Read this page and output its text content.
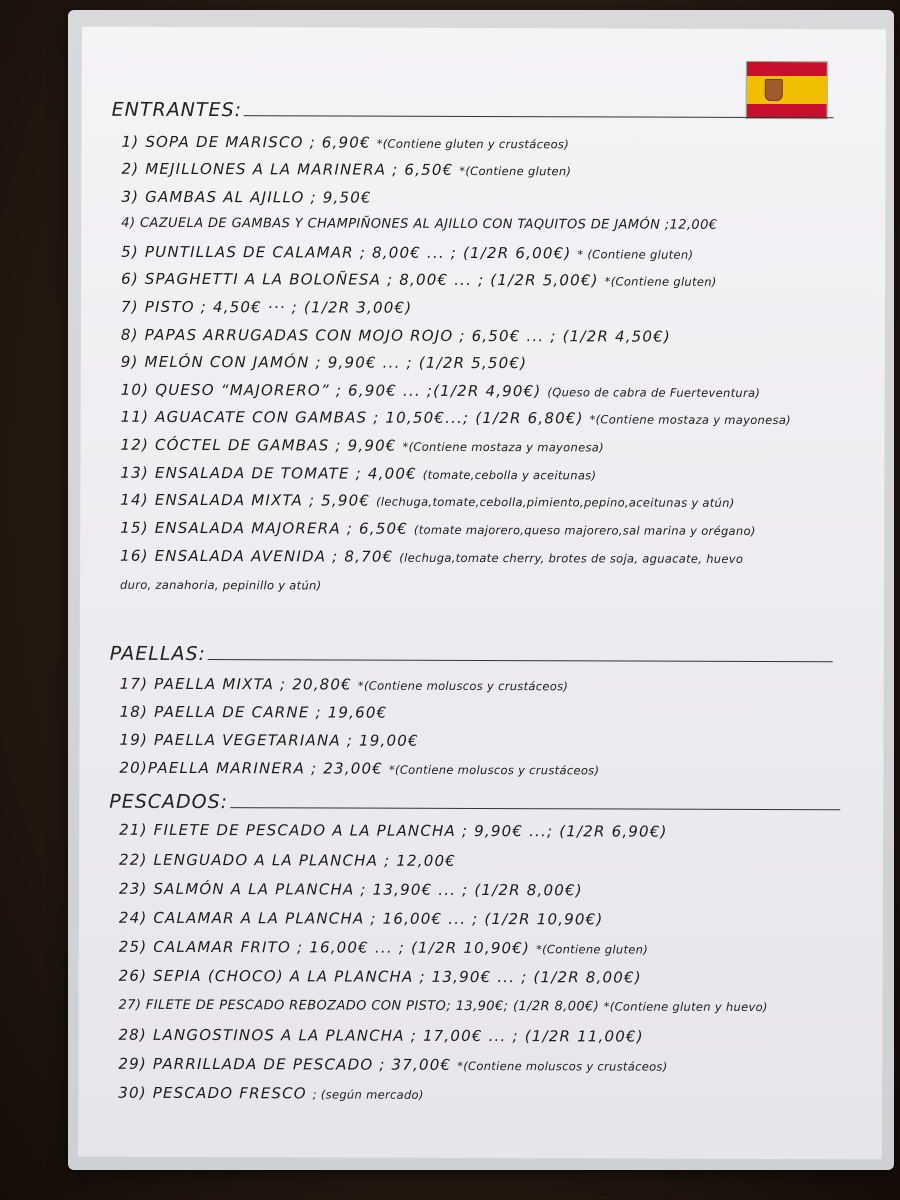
ENTRANTES:
1) SOPA DE MARISCO ; 6,90€ *(Contiene gluten y crustáceos)
2) MEJILLONES A LA MARINERA ; 6,50€ *(Contiene gluten)
3) GAMBAS AL AJILLO ; 9,50€
4) CAZUELA DE GAMBAS Y CHAMPIÑONES AL AJILLO CON TAQUITOS DE JAMÓN ;12,00€
5) PUNTILLAS DE CALAMAR ; 8,00€ ... ; (1/2R 6,00€) * (Contiene gluten)
6) SPAGHETTI A LA BOLOÑESA ; 8,00€ ... ; (1/2R 5,00€) *(Contiene gluten)
7) PISTO ; 4,50€ ··· ; (1/2R 3,00€)
8) PAPAS ARRUGADAS CON MOJO ROJO ; 6,50€ ... ; (1/2R 4,50€)
9) MELÓN CON JAMÓN ; 9,90€ ... ; (1/2R 5,50€)
10) QUESO “MAJORERO” ; 6,90€ ... ;(1/2R 4,90€) (Queso de cabra de Fuerteventura)
11) AGUACATE CON GAMBAS ; 10,50€...; (1/2R 6,80€) *(Contiene mostaza y mayonesa)
12) CÓCTEL DE GAMBAS ; 9,90€ *(Contiene mostaza y mayonesa)
13) ENSALADA DE TOMATE ; 4,00€ (tomate,cebolla y aceitunas)
14) ENSALADA MIXTA ; 5,90€ (lechuga,tomate,cebolla,pimiento,pepino,aceitunas y atún)
15) ENSALADA MAJORERA ; 6,50€ (tomate majorero,queso majorero,sal marina y orégano)
16) ENSALADA AVENIDA ; 8,70€ (lechuga,tomate cherry, brotes de soja, aguacate, huevo
duro, zanahoria, pepinillo y atún)
PAELLAS:
17) PAELLA MIXTA ; 20,80€ *(Contiene moluscos y crustáceos)
18) PAELLA DE CARNE ; 19,60€
19) PAELLA VEGETARIANA ; 19,00€
20)PAELLA MARINERA ; 23,00€ *(Contiene moluscos y crustáceos)
PESCADOS:
21) FILETE DE PESCADO A LA PLANCHA ; 9,90€ ...; (1/2R 6,90€)
22) LENGUADO A LA PLANCHA ; 12,00€
23) SALMÓN A LA PLANCHA ; 13,90€ ... ; (1/2R 8,00€)
24) CALAMAR A LA PLANCHA ; 16,00€ ... ; (1/2R 10,90€)
25) CALAMAR FRITO ; 16,00€ ... ; (1/2R 10,90€) *(Contiene gluten)
26) SEPIA (CHOCO) A LA PLANCHA ; 13,90€ ... ; (1/2R 8,00€)
27) FILETE DE PESCADO REBOZADO CON PISTO; 13,90€; (1/2R 8,00€) *(Contiene gluten y huevo)
28) LANGOSTINOS A LA PLANCHA ; 17,00€ ... ; (1/2R 11,00€)
29) PARRILLADA DE PESCADO ; 37,00€ *(Contiene moluscos y crustáceos)
30) PESCADO FRESCO ; (según mercado)
